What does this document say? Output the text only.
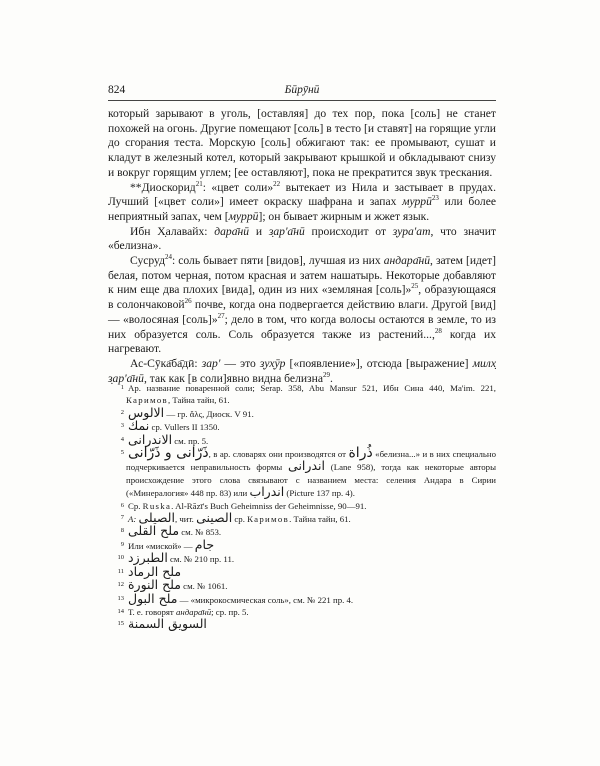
824	Бӣрӯнӣ

который зарывают в уголь, [оставляя] до тех пор, пока [соль] не станет похожей на огонь. Другие помещают [соль] в тесто [и ставят] на горящие угли до сгорания теста. Морскую [соль] обжигают так: ее промывают, сушат и кладут в железный котел, который закрывают крышкой и обкладывают снизу и вокруг горящим углем; [ее оставляют], пока не прекратится звук трескания.

**Диоскорид$^{21}$: «цвет соли»$^{22}$ вытекает из Нила и застывает в прудах. Лучший [«цвет соли»] имеет окраску шафрана и запах муррӣ$^{23}$ или более неприятный запах, чем [муррӣ]; он бывает жирным и жжет язык.

Ибн Х̣алавайх: дара̄нӣ и з̣ар'а̄нӣ происходит от з̣ура'ат, что значит «белизна».

Сусруд$^{24}$: соль бывает пяти [видов], лучшая из них андара̄нӣ, затем [идет] белая, потом черная, потом красная и затем нашатырь. Некоторые добавляют к ним еще два плохих [вида], один из них «земляная [соль]»$^{25}$, образующаяся в солончаковой$^{26}$ почве, когда она подвергается действию влаги. Другой [вид] — «волосяная [соль]»$^{27}$; дело в том, что когда волосы остаются в земле, то из них образуется соль. Соль образуется также из растений...,$^{28}$ когда их нагревают.

Ас-Сӯка̄ба̄дӣ: зар' — это з̣ух̣ӯр [«появление»], отсюда [выражение] милх̣ з̣ар'а̄нӣ, так как [в соли]явно видна белизна$^{29}$.

1 Ар. название поваренной соли; Serap. 358, Abu Mansur 521, Ибн Сина 440, Ma'im. 221, Каримов, Тайна тайн, 61.

2 الالوس — гр. ἅλς, Диоск. V 91.

3 نمك ср. Vullers II 1350.

4 الاندرانى см. пр. 5.

5 ذَرّانى و ذَرّانى, в ар. словарях они производятся от ذُراة «белизна...» и в них специально подчеркивается неправильность формы اندرانى (Lane 958), тогда как некоторые авторы происхождение этого слова связывают с названием места: селения Андара в Сирии («Минералогия» 448 пр. 83) или اندراب (Picture 137 пр. 4).

6 Ср. Ruska. Al-Rāzī's Buch Geheimniss der Geheimnisse, 90—91.

7 A: الصيلى, чит. الصينى ср. Каримов. Тайна тайн, 61.

8 ملح القلى см. № 853.

9 Или «миской» — جام

10 الطبرزد см. № 210 пр. 11.

11 ملح الرماد

12 ملح النورة см. № 1061.

13 ملح البول — «микрокосмическая соль», см. № 221 пр. 4.

14 Т. е. говорят андара̄нӣ; ср. пр. 5.

15 السويق السمنة
